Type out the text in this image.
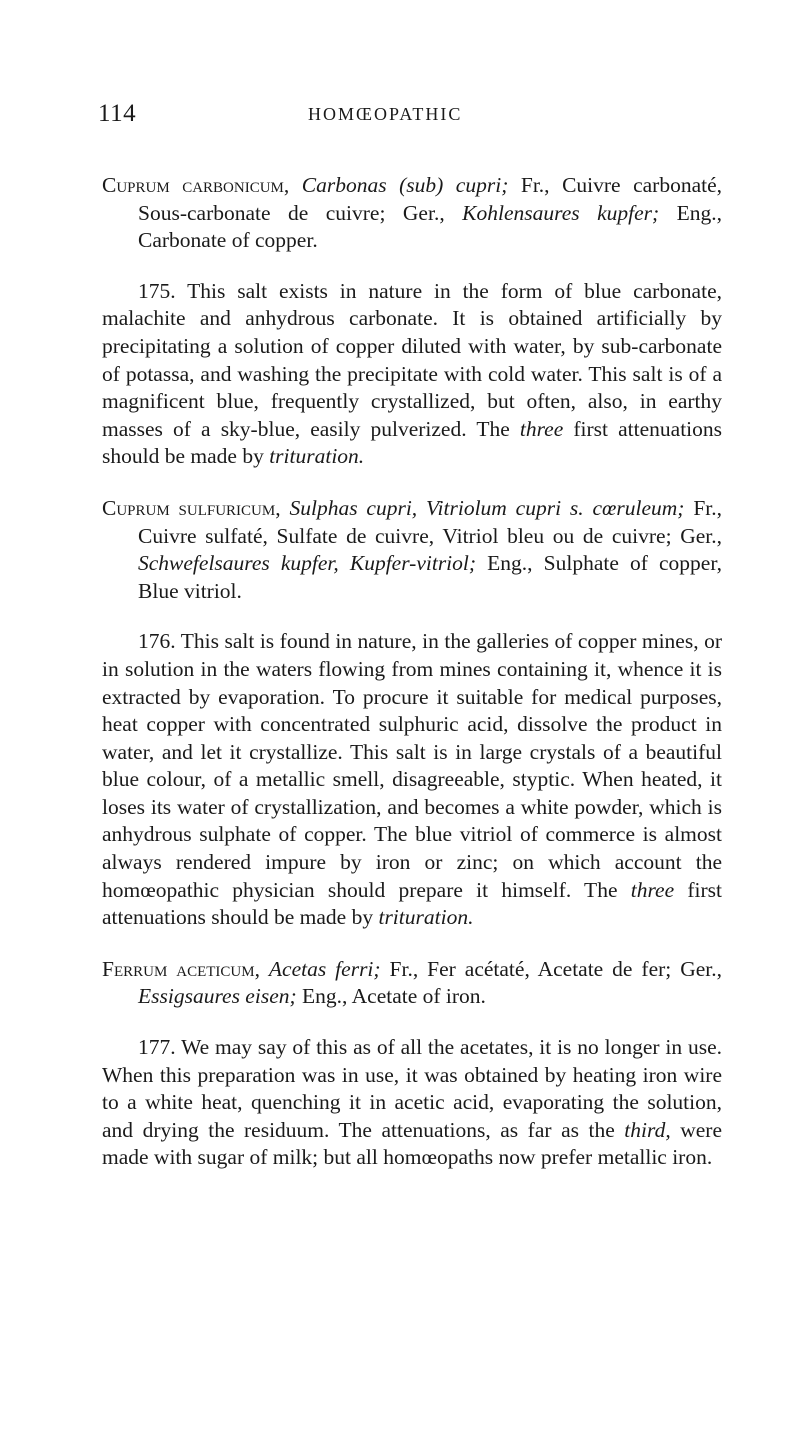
114	HOMŒOPATHIC

Cuprum carbonicum, Carbonas (sub) cupri; Fr., Cuivre carbonaté, Sous-carbonate de cuivre; Ger., Kohlensaures kupfer; Eng., Carbonate of copper.

175. This salt exists in nature in the form of blue carbonate, malachite and anhydrous carbonate. It is obtained artificially by precipitating a solution of copper diluted with water, by sub-carbonate of potassa, and washing the precipitate with cold water. This salt is of a magnificent blue, frequently crystallized, but often, also, in earthy masses of a sky-blue, easily pulverized. The three first attenuations should be made by trituration.

Cuprum sulfuricum, Sulphas cupri, Vitriolum cupri s. cœruleum; Fr., Cuivre sulfaté, Sulfate de cuivre, Vitriol bleu ou de cuivre; Ger., Schwefelsaures kupfer, Kupfer-vitriol; Eng., Sulphate of copper, Blue vitriol.

176. This salt is found in nature, in the galleries of copper mines, or in solution in the waters flowing from mines containing it, whence it is extracted by evaporation. To procure it suitable for medical purposes, heat copper with concentrated sulphuric acid, dissolve the product in water, and let it crystallize. This salt is in large crystals of a beautiful blue colour, of a metallic smell, disagreeable, styptic. When heated, it loses its water of crystallization, and becomes a white powder, which is anhydrous sulphate of copper. The blue vitriol of commerce is almost always rendered impure by iron or zinc; on which account the homœopathic physician should prepare it himself. The three first attenuations should be made by trituration.

Ferrum aceticum, Acetas ferri; Fr., Fer acétaté, Acetate de fer; Ger., Essigsaures eisen; Eng., Acetate of iron.

177. We may say of this as of all the acetates, it is no longer in use. When this preparation was in use, it was obtained by heating iron wire to a white heat, quenching it in acetic acid, evaporating the solution, and drying the residuum. The attenuations, as far as the third, were made with sugar of milk; but all homœopaths now prefer metallic iron.
